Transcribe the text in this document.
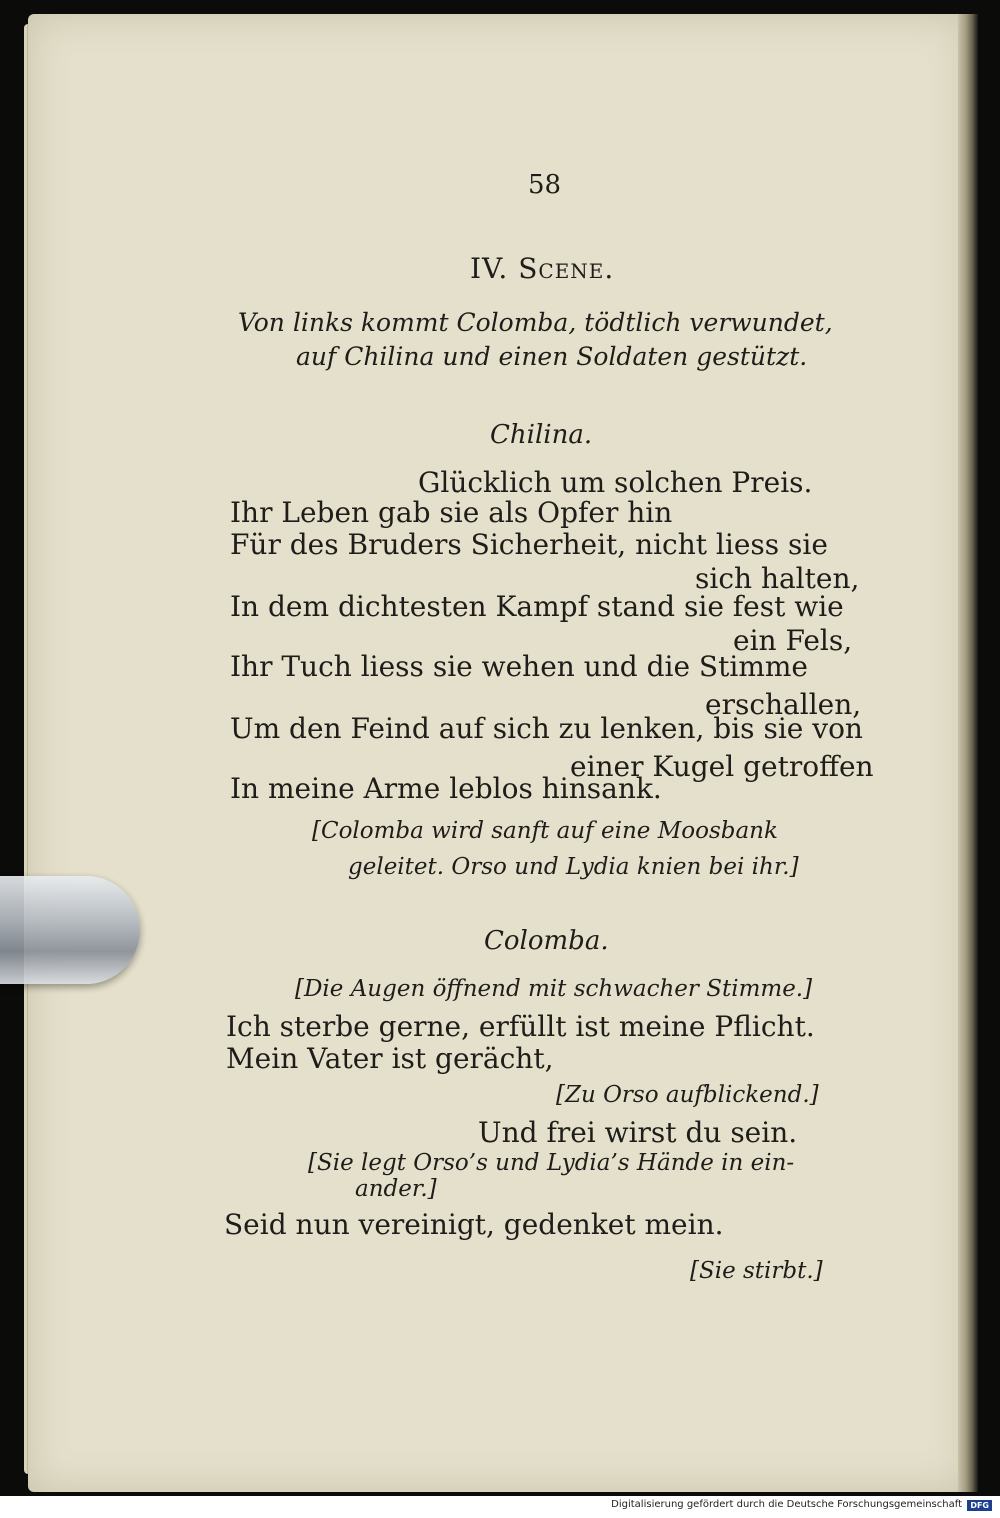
58
IV. Scene.
Von links kommt Colomba, tödtlich verwundet,
auf Chilina und einen Soldaten gestützt.
Chilina.
Glücklich um solchen Preis.
Ihr Leben gab sie als Opfer hin
Für des Bruders Sicherheit, nicht liess sie
sich halten,
In dem dichtesten Kampf stand sie fest wie
ein Fels,
Ihr Tuch liess sie wehen und die Stimme
erschallen,
Um den Feind auf sich zu lenken, bis sie von
einer Kugel getroffen
In meine Arme leblos hinsank.
[Colomba wird sanft auf eine Moosbank
geleitet. Orso und Lydia knien bei ihr.]
Colomba.
[Die Augen öffnend mit schwacher Stimme.]
Ich sterbe gerne, erfüllt ist meine Pflicht.
Mein Vater ist gerächt,
[Zu Orso aufblickend.]
Und frei wirst du sein.
[Sie legt Orso’s und Lydia’s Hände in ein-
ander.]
Seid nun vereinigt, gedenket mein.
[Sie stirbt.]
Digitalisierung gefördert durch die Deutsche Forschungsgemeinschaft	DFG
